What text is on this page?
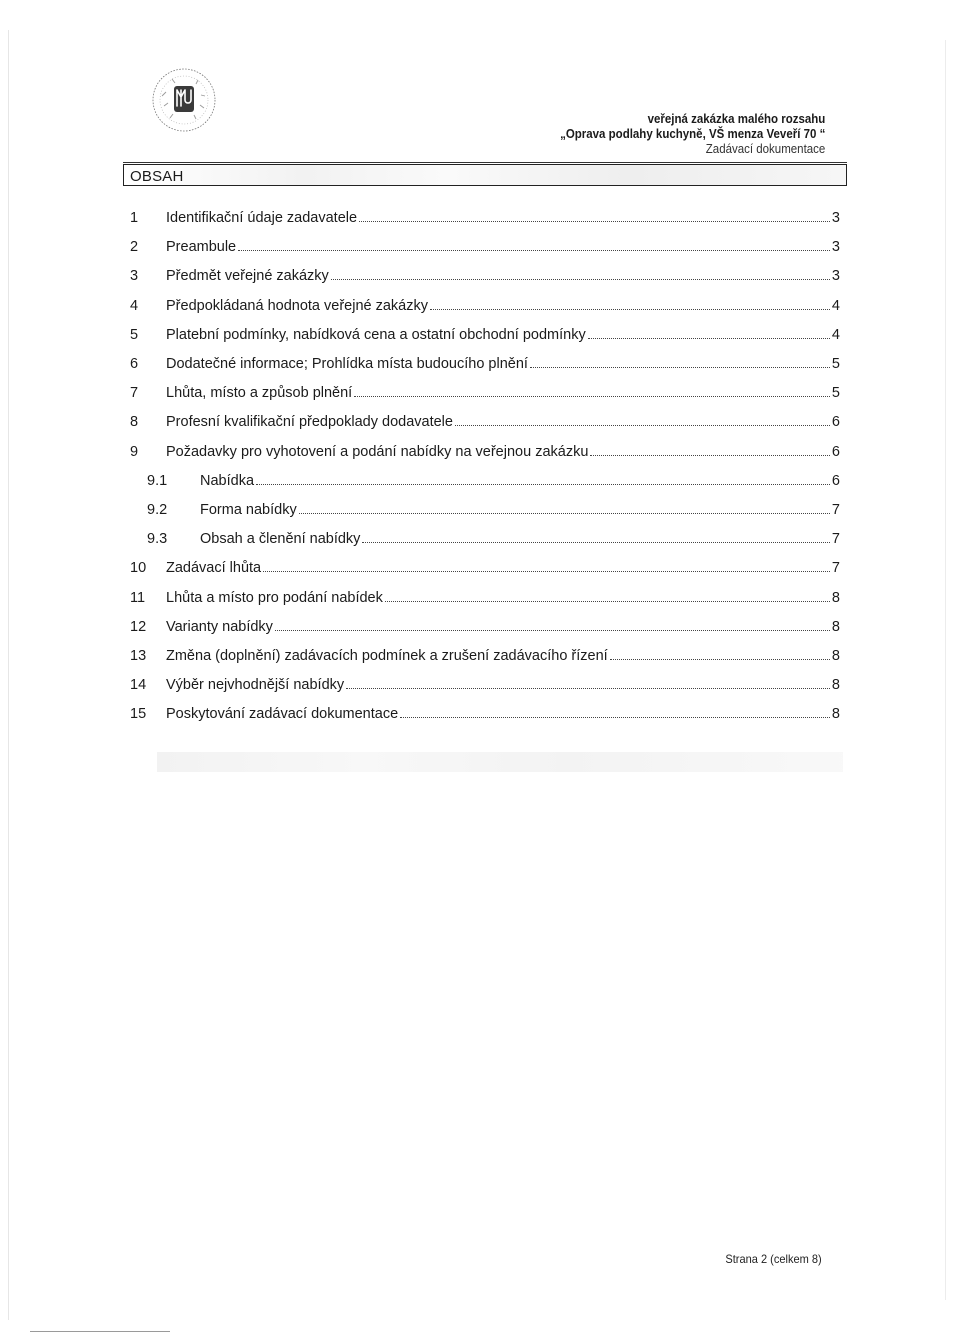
veřejná zakázka malého rozsahu
„Oprava podlahy kuchyně, VŠ menza Veveří 70 “
Zadávací dokumentace
OBSAH
1	Identifikační údaje zadavatele	3
2	Preambule	3
3	Předmět veřejné zakázky	3
4	Předpokládaná hodnota veřejné zakázky	4
5	Platební podmínky, nabídková cena a ostatní obchodní podmínky	4
6	Dodatečné informace; Prohlídka místa budoucího plnění	5
7	Lhůta, místo a způsob plnění	5
8	Profesní kvalifikační předpoklady dodavatele	6
9	Požadavky pro vyhotovení a podání nabídky na veřejnou zakázku	6
9.1	Nabídka	6
9.2	Forma nabídky	7
9.3	Obsah a členění nabídky	7
10	Zadávací lhůta	7
11	Lhůta a místo pro podání nabídek	8
12	Varianty nabídky	8
13	Změna (doplnění) zadávacích podmínek a zrušení zadávacího řízení	8
14	Výběr nejvhodnější nabídky	8
15	Poskytování zadávací dokumentace	8
Strana 2 (celkem 8)
